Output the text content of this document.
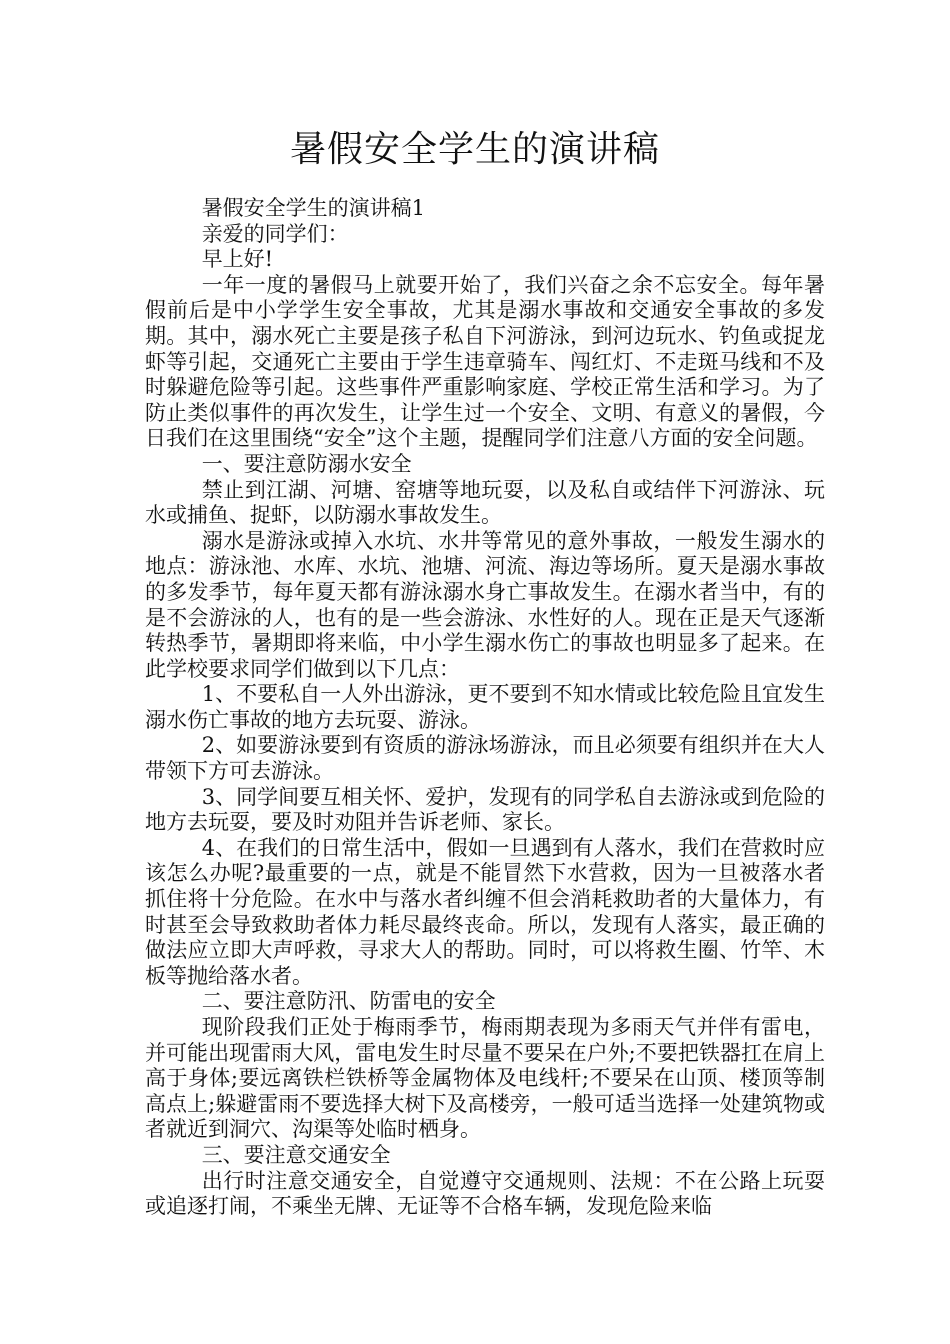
暑假安全学生的演讲稿

暑假安全学生的演讲稿1

亲爱的同学们：

早上好!

一年一度的暑假马上就要开始了，我们兴奋之余不忘安全。每年暑假前后是中小学学生安全事故，尤其是溺水事故和交通安全事故的多发期。其中，溺水死亡主要是孩子私自下河游泳，到河边玩水、钓鱼或捉龙虾等引起，交通死亡主要由于学生违章骑车、闯红灯、不走斑马线和不及时躲避危险等引起。这些事件严重影响家庭、学校正常生活和学习。为了防止类似事件的再次发生，让学生过一个安全、文明、有意义的暑假，今日我们在这里围绕“安全”这个主题，提醒同学们注意八方面的安全问题。

一、要注意防溺水安全

禁止到江湖、河塘、窑塘等地玩耍，以及私自或结伴下河游泳、玩水或捕鱼、捉虾，以防溺水事故发生。

溺水是游泳或掉入水坑、水井等常见的意外事故，一般发生溺水的地点：游泳池、水库、水坑、池塘、河流、海边等场所。夏天是溺水事故的多发季节，每年夏天都有游泳溺水身亡事故发生。在溺水者当中，有的是不会游泳的人，也有的是一些会游泳、水性好的人。现在正是天气逐渐转热季节，暑期即将来临，中小学生溺水伤亡的事故也明显多了起来。在此学校要求同学们做到以下几点：

1、不要私自一人外出游泳，更不要到不知水情或比较危险且宜发生溺水伤亡事故的地方去玩耍、游泳。

2、如要游泳要到有资质的游泳场游泳，而且必须要有组织并在大人带领下方可去游泳。

3、同学间要互相关怀、爱护，发现有的同学私自去游泳或到危险的地方去玩耍，要及时劝阻并告诉老师、家长。

4、在我们的日常生活中，假如一旦遇到有人落水，我们在营救时应该怎么办呢?最重要的一点，就是不能冒然下水营救，因为一旦被落水者抓住将十分危险。在水中与落水者纠缠不但会消耗救助者的大量体力，有时甚至会导致救助者体力耗尽最终丧命。所以，发现有人落实，最正确的做法应立即大声呼救，寻求大人的帮助。同时，可以将救生圈、竹竿、木板等抛给落水者。

二、要注意防汛、防雷电的安全

现阶段我们正处于梅雨季节，梅雨期表现为多雨天气并伴有雷电，并可能出现雷雨大风，雷电发生时尽量不要呆在户外;不要把铁器扛在肩上高于身体;要远离铁栏铁桥等金属物体及电线杆;不要呆在山顶、楼顶等制高点上;躲避雷雨不要选择大树下及高楼旁，一般可适当选择一处建筑物或者就近到洞穴、沟渠等处临时栖身。

三、要注意交通安全

出行时注意交通安全，自觉遵守交通规则、法规：不在公路上玩耍或追逐打闹，不乘坐无牌、无证等不合格车辆，发现危险来临
